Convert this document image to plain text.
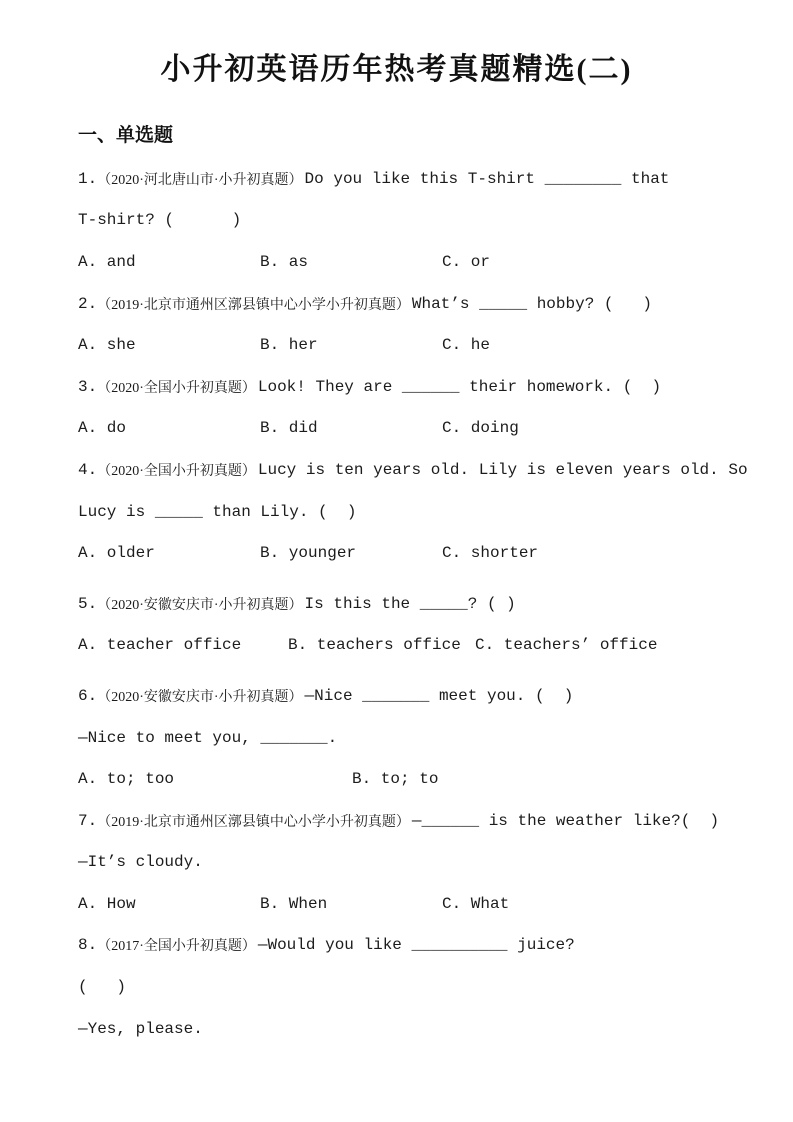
小升初英语历年热考真题精选(二)
一、单选题
1. （2020·河北唐山市·小升初真题） Do you like this T-shirt ________ that
T-shirt? (      )
A. and	B. as	C. or
2. （2019·北京市通州区漷县镇中心小学小升初真题） What’s _____ hobby? (   )
A. she	B. her	C. he
3. （2020·全国小升初真题） Look! They are ______ their homework. (  )
A. do	B. did	C. doing
4. （2020·全国小升初真题） Lucy is ten years old. Lily is eleven years old. So
Lucy is _____ than Lily. (  )
A. older	B. younger	C. shorter
5. （2020·安徽安庆市·小升初真题） Is this the _____? ( )
A. teacher office	B. teachers office C. teachers’ office
6. （2020·安徽安庆市·小升初真题） —Nice _______ meet you. (  )
—Nice to meet you, _______.
A. to; too	B. to; to
7. （2019·北京市通州区漷县镇中心小学小升初真题） —______ is the weather like?(  )
—It’s cloudy.
A. How	B. When	C. What
8. （2017·全国小升初真题） —Would you like __________ juice?
(   )
—Yes, please.
